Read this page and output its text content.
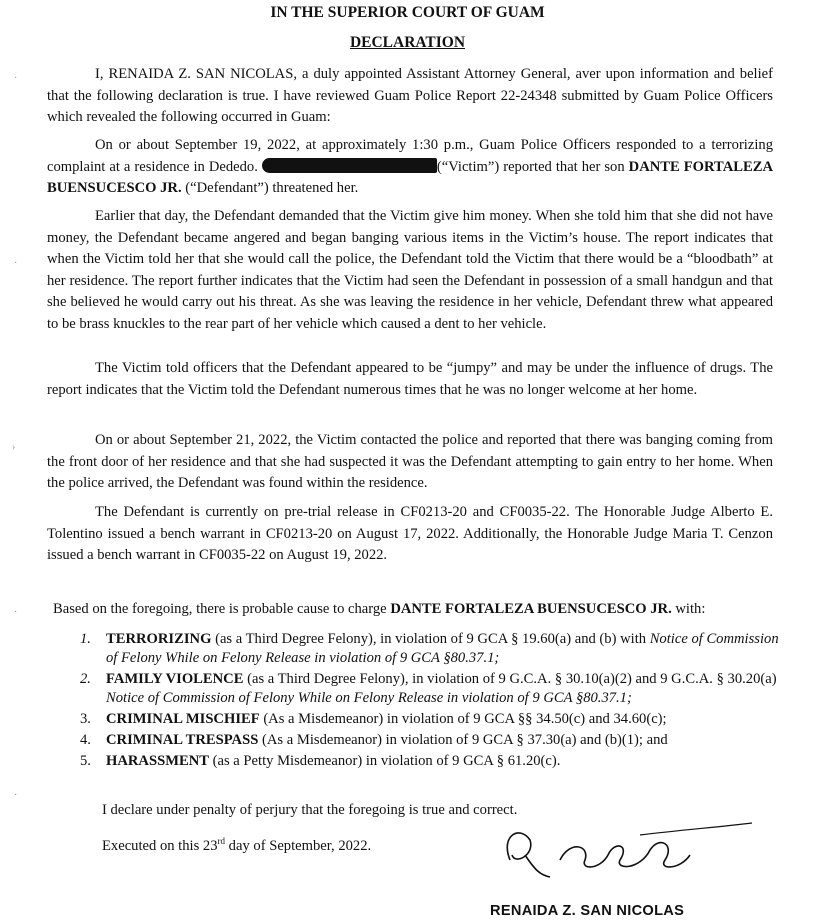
IN THE SUPERIOR COURT OF GUAM
DECLARATION
I, RENAIDA Z. SAN NICOLAS, a duly appointed Assistant Attorney General, aver upon information and belief that the following declaration is true. I have reviewed Guam Police Report 22-24348 submitted by Guam Police Officers which revealed the following occurred in Guam:
On or about September 19, 2022, at approximately 1:30 p.m., Guam Police Officers responded to a terrorizing complaint at a residence in Dededo.	(“Victim”) reported that her son DANTE FORTALEZA BUENSUCESCO JR. (“Defendant”) threatened her.
Earlier that day, the Defendant demanded that the Victim give him money. When she told him that she did not have money, the Defendant became angered and began banging various items in the Victim’s house. The report indicates that when the Victim told her that she would call the police, the Defendant told the Victim that there would be a “bloodbath” at her residence. The report further indicates that the Victim had seen the Defendant in possession of a small handgun and that she believed he would carry out his threat. As she was leaving the residence in her vehicle, Defendant threw what appeared to be brass knuckles to the rear part of her vehicle which caused a dent to her vehicle.
The Victim told officers that the Defendant appeared to be “jumpy” and may be under the influence of drugs. The report indicates that the Victim told the Defendant numerous times that he was no longer welcome at her home.
On or about September 21, 2022, the Victim contacted the police and reported that there was banging coming from the front door of her residence and that she had suspected it was the Defendant attempting to gain entry to her home. When the police arrived, the Defendant was found within the residence.
The Defendant is currently on pre-trial release in CF0213-20 and CF0035-22. The Honorable Judge Alberto E. Tolentino issued a bench warrant in CF0213-20 on August 17, 2022. Additionally, the Honorable Judge Maria T. Cenzon issued a bench warrant in CF0035-22 on August 19, 2022.
Based on the foregoing, there is probable cause to charge DANTE FORTALEZA BUENSUCESCO JR. with:
1. TERRORIZING (as a Third Degree Felony), in violation of 9 GCA § 19.60(a) and (b) with Notice of Commission of Felony While on Felony Release in violation of 9 GCA §80.37.1;
2. FAMILY VIOLENCE (as a Third Degree Felony), in violation of 9 G.C.A. § 30.10(a)(2) and 9 G.C.A. § 30.20(a) Notice of Commission of Felony While on Felony Release in violation of 9 GCA §80.37.1;
3. CRIMINAL MISCHIEF (As a Misdemeanor) in violation of 9 GCA §§ 34.50(c) and 34.60(c);
4. CRIMINAL TRESPASS (As a Misdemeanor) in violation of 9 GCA § 37.30(a) and (b)(1); and
5. HARASSMENT (as a Petty Misdemeanor) in violation of 9 GCA § 61.20(c).
I declare under penalty of perjury that the foregoing is true and correct.
Executed on this 23rd day of September, 2022.
RENAIDA Z. SAN NICOLAS
·
·
›
·
·
